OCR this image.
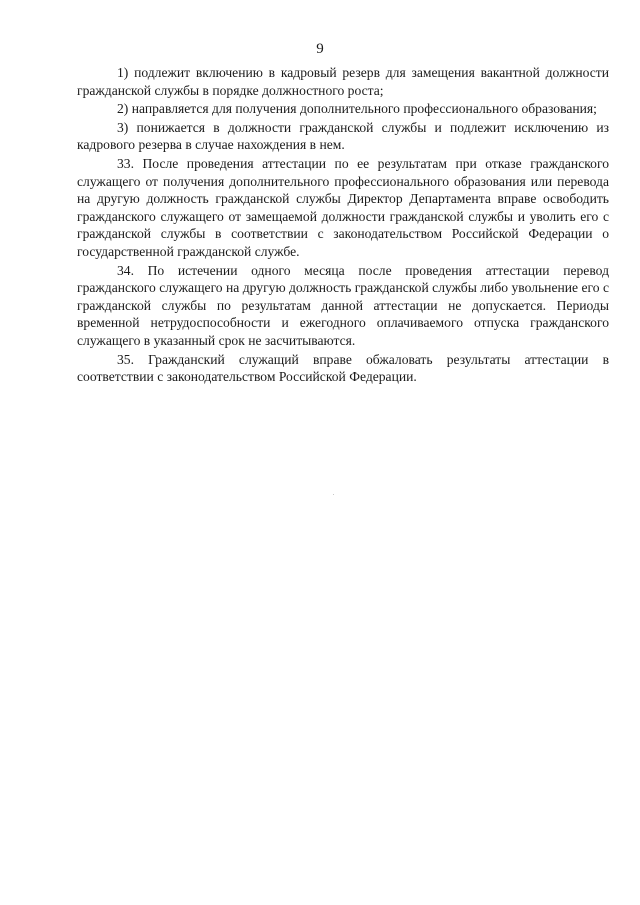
9

1) подлежит включению в кадровый резерв для замещения вакантной должности гражданской службы в порядке должностного роста;

2) направляется для получения дополнительного профессионального образования;

3) понижается в должности гражданской службы и подлежит исключению из кадрового резерва в случае нахождения в нем.

33. После проведения аттестации по ее результатам при отказе гражданского служащего от получения дополнительного профессионального образования или перевода на другую должность гражданской службы Директор Департамента вправе освободить гражданского служащего от замещаемой должности гражданской службы и уволить его с гражданской службы в соответствии с законодательством Российской Федерации о государственной гражданской службе.

34. По истечении одного месяца после проведения аттестации перевод гражданского служащего на другую должность гражданской службы либо увольнение его с гражданской службы по результатам данной аттестации не допускается. Периоды временной нетрудоспособности и ежегодного оплачиваемого отпуска гражданского служащего в указанный срок не засчитываются.

35. Гражданский служащий вправе обжаловать результаты аттестации в соответствии с законодательством Российской Федерации.
